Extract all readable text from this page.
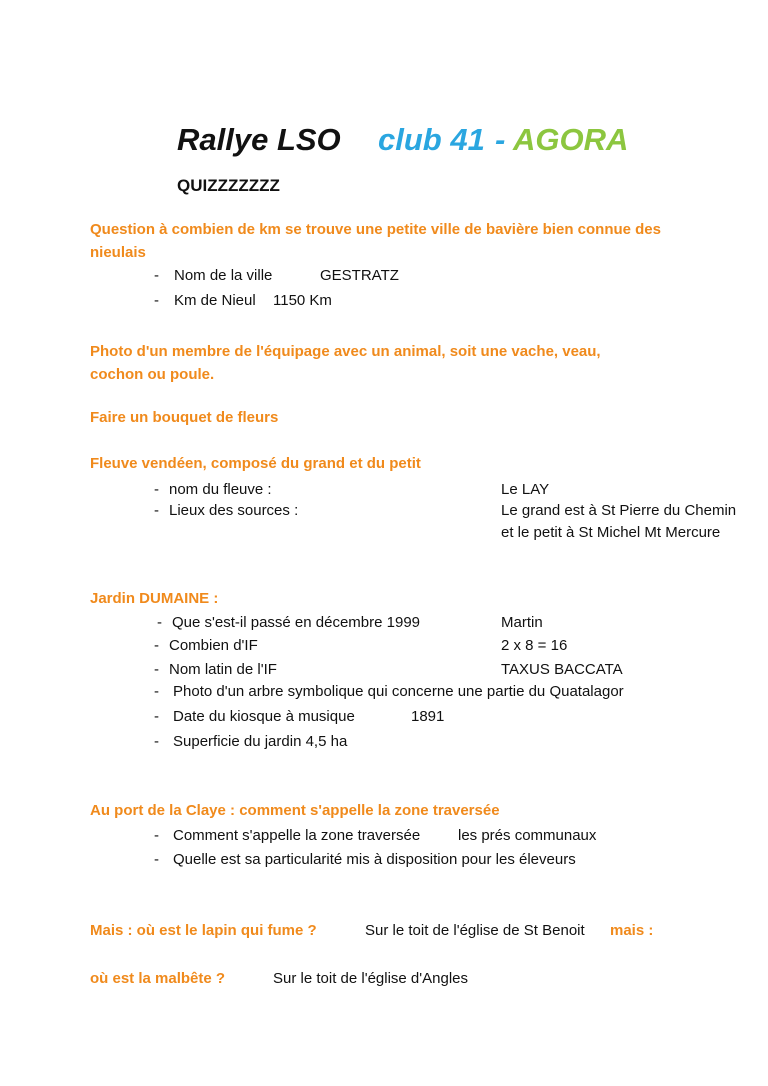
Rallye LSO club 41 - AGORA
QUIZZZZZZZ
Question à combien de km se trouve une petite ville de bavière bien connue des nieulais
- Nom de la ville	GESTRATZ
- Km de Nieul 1150 Km
Photo d'un membre de l'équipage avec un animal, soit une vache, veau, cochon ou poule.
Faire un bouquet de fleurs
Fleuve vendéen, composé du grand et du petit
- nom du fleuve :	Le LAY
- Lieux des sources :	Le grand est à St Pierre du Chemin
et le petit à St Michel Mt Mercure
Jardin DUMAINE :
- Que s'est-il passé en décembre 1999	Martin
- Combien d'IF	2 x 8 = 16
- Nom latin de l'IF	TAXUS BACCATA
- Photo d'un arbre symbolique qui concerne une partie du Quatalagor
- Date du kiosque à musique	1891
- Superficie du jardin 4,5 ha
Au port de la Claye : comment s'appelle la zone traversée
- Comment s'appelle la zone traversée	les prés communaux
- Quelle est sa particularité mis à disposition pour les éleveurs
Mais : où est le lapin qui fume ?	Sur le toit de l'église de St Benoit mais :
où est la malbête ?	Sur le toit de l'église d'Angles
